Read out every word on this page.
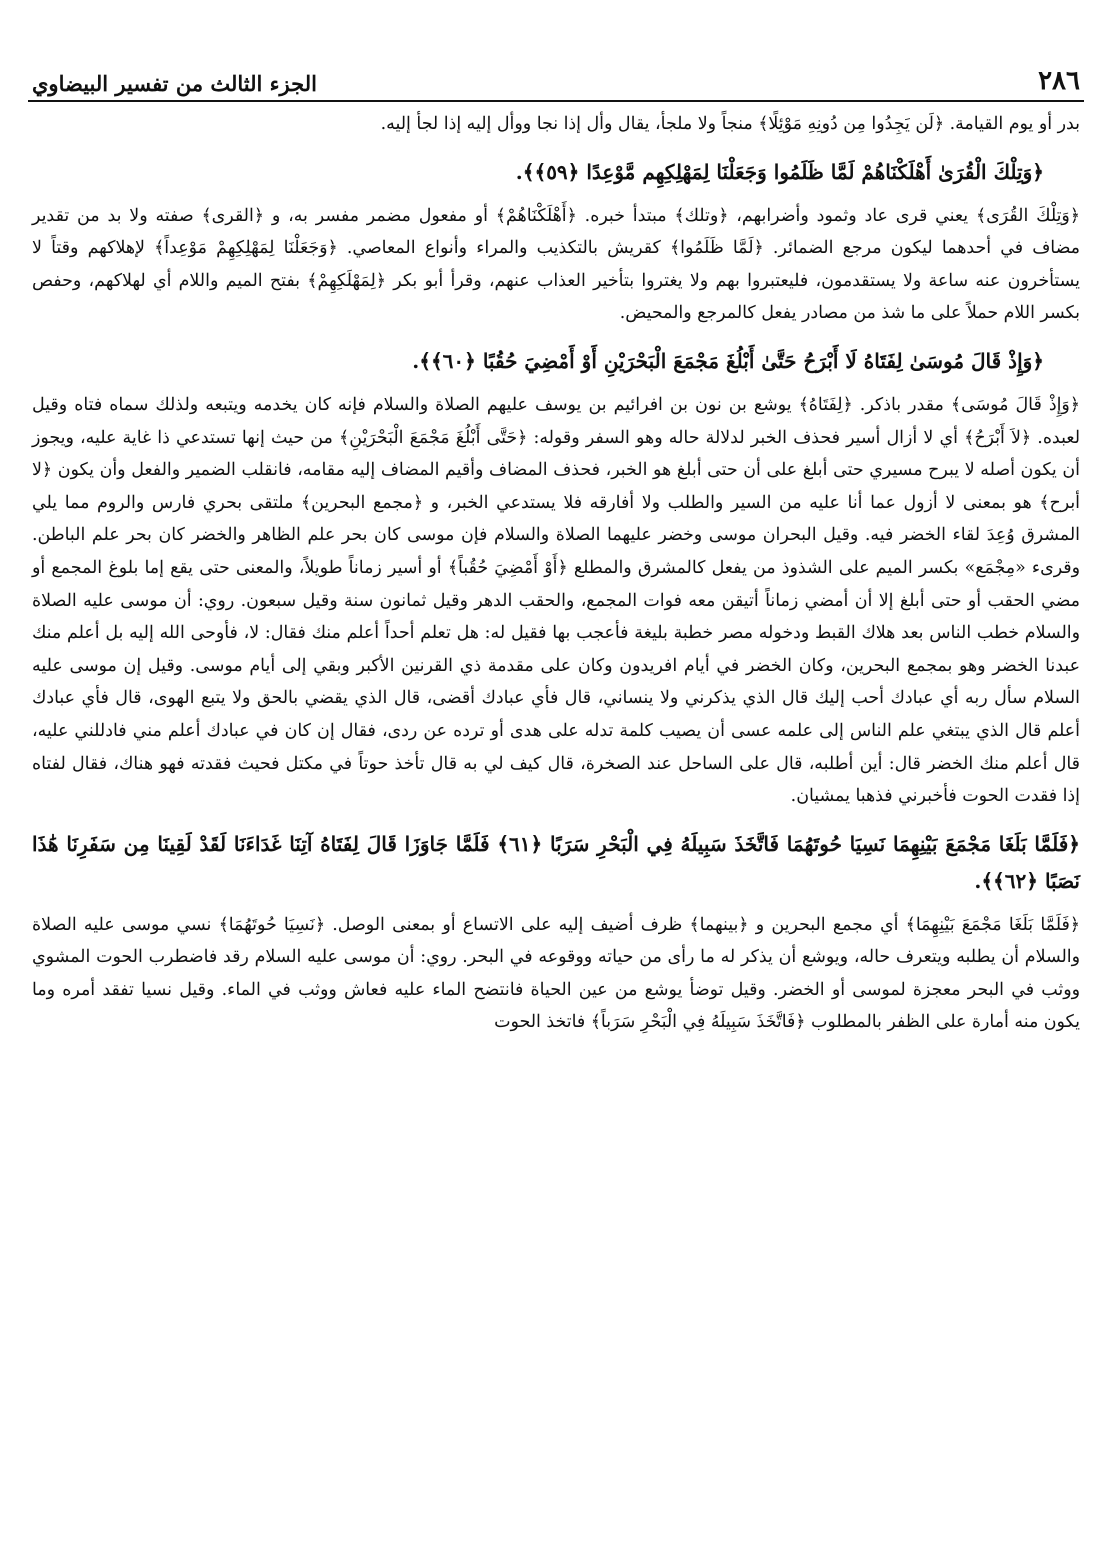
٢٨٦
الجزء الثالث من تفسير البيضاوي

بدر أو يوم القيامة. ﴿لَن يَجِدُوا مِن دُونِهِ مَوْئِلًا﴾ منجاً ولا ملجأ، يقال وأل إذا نجا ووأل إليه إذا لجأ إليه.

﴿وَتِلْكَ الْقُرَىٰ أَهْلَكْنَاهُمْ لَمَّا ظَلَمُوا وَجَعَلْنَا لِمَهْلِكِهِم مَّوْعِدًا ﴿٥٩﴾﴾.

﴿وَتِلْكَ القُرَى﴾ يعني قرى عاد وثمود وأضرابهم، ﴿وتلك﴾ مبتدأ خبره. ﴿أَهْلَكْنَاهُمْ﴾ أو مفعول مضمر مفسر به، و ﴿القرى﴾ صفته ولا بد من تقدير مضاف في أحدهما ليكون مرجع الضمائر. ﴿لَمَّا ظَلَمُوا﴾ كقريش بالتكذيب والمراء وأنواع المعاصي. ﴿وَجَعَلْنَا لِمَهْلِكِهِمْ مَوْعِداً﴾ لإهلاكهم وقتاً لا يستأخرون عنه ساعة ولا يستقدمون، فليعتبروا بهم ولا يغتروا بتأخير العذاب عنهم، وقرأ أبو بكر ﴿لِمَهْلَكِهِمْ﴾ بفتح الميم واللام أي لهلاكهم، وحفص بكسر اللام حملاً على ما شذ من مصادر يفعل كالمرجع والمحيض.

﴿وَإِذْ قَالَ مُوسَىٰ لِفَتَاهُ لَا أَبْرَحُ حَتَّىٰ أَبْلُغَ مَجْمَعَ الْبَحْرَيْنِ أَوْ أَمْضِيَ حُقُبًا ﴿٦٠﴾﴾.

﴿وَإِذْ قَالَ مُوسَى﴾ مقدر باذكر. ﴿لِفَتَاهُ﴾ يوشع بن نون بن افرائيم بن يوسف عليهم الصلاة والسلام فإنه كان يخدمه ويتبعه ولذلك سماه فتاه وقيل لعبده. ﴿لاَ أَبْرَحُ﴾ أي لا أزال أسير فحذف الخبر لدلالة حاله وهو السفر وقوله: ﴿حَتَّى أَبْلُغَ مَجْمَعَ الْبَحْرَيْنِ﴾ من حيث إنها تستدعي ذا غاية عليه، ويجوز أن يكون أصله لا يبرح مسيري حتى أبلغ على أن حتى أبلغ هو الخبر، فحذف المضاف وأقيم المضاف إليه مقامه، فانقلب الضمير والفعل وأن يكون ﴿لا أبرح﴾ هو بمعنى لا أزول عما أنا عليه من السير والطلب ولا أفارقه فلا يستدعي الخبر، و ﴿مجمع البحرين﴾ ملتقى بحري فارس والروم مما يلي المشرق وُعِدَ لقاء الخضر فيه. وقيل البحران موسى وخضر عليهما الصلاة والسلام فإن موسى كان بحر علم الظاهر والخضر كان بحر علم الباطن. وقرىء «مِجْمَع» بكسر الميم على الشذوذ من يفعل كالمشرق والمطلع ﴿أَوْ أَمْضِيَ حُقُباً﴾ أو أسير زماناً طويلاً، والمعنى حتى يقع إما بلوغ المجمع أو مضي الحقب أو حتى أبلغ إلا أن أمضي زماناً أتيقن معه فوات المجمع، والحقب الدهر وقيل ثمانون سنة وقيل سبعون. روي: أن موسى عليه الصلاة والسلام خطب الناس بعد هلاك القبط ودخوله مصر خطبة بليغة فأعجب بها فقيل له: هل تعلم أحداً أعلم منك فقال: لا، فأوحى الله إليه بل أعلم منك عبدنا الخضر وهو بمجمع البحرين، وكان الخضر في أيام افريدون وكان على مقدمة ذي القرنين الأكبر وبقي إلى أيام موسى. وقيل إن موسى عليه السلام سأل ربه أي عبادك أحب إليك قال الذي يذكرني ولا ينساني، قال فأي عبادك أقضى، قال الذي يقضي بالحق ولا يتبع الهوى، قال فأي عبادك أعلم قال الذي يبتغي علم الناس إلى علمه عسى أن يصيب كلمة تدله على هدى أو ترده عن ردى، فقال إن كان في عبادك أعلم مني فادللني عليه، قال أعلم منك الخضر قال: أين أطلبه، قال على الساحل عند الصخرة، قال كيف لي به قال تأخذ حوتاً في مكتل فحيث فقدته فهو هناك، فقال لفتاه إذا فقدت الحوت فأخبرني فذهبا يمشيان.

﴿فَلَمَّا بَلَغَا مَجْمَعَ بَيْنِهِمَا نَسِيَا حُوتَهُمَا فَاتَّخَذَ سَبِيلَهُ فِي الْبَحْرِ سَرَبًا ﴿٦١﴾ فَلَمَّا جَاوَزَا قَالَ لِفَتَاهُ آتِنَا غَدَاءَنَا لَقَدْ لَقِينَا مِن سَفَرِنَا هَٰذَا نَصَبًا ﴿٦٢﴾﴾.

﴿فَلَمَّا بَلَغَا مَجْمَعَ بَيْنِهِمَا﴾ أي مجمع البحرين و ﴿بينهما﴾ ظرف أضيف إليه على الاتساع أو بمعنى الوصل. ﴿نَسِيَا حُوتَهُمَا﴾ نسي موسى عليه الصلاة والسلام أن يطلبه ويتعرف حاله، ويوشع أن يذكر له ما رأى من حياته ووقوعه في البحر. روي: أن موسى عليه السلام رقد فاضطرب الحوت المشوي ووثب في البحر معجزة لموسى أو الخضر. وقيل توضأ يوشع من عين الحياة فانتضح الماء عليه فعاش ووثب في الماء. وقيل نسيا تفقد أمره وما يكون منه أمارة على الظفر بالمطلوب ﴿فَاتَّخَذَ سَبِيلَهُ فِي الْبَحْرِ سَرَباً﴾ فاتخذ الحوت
